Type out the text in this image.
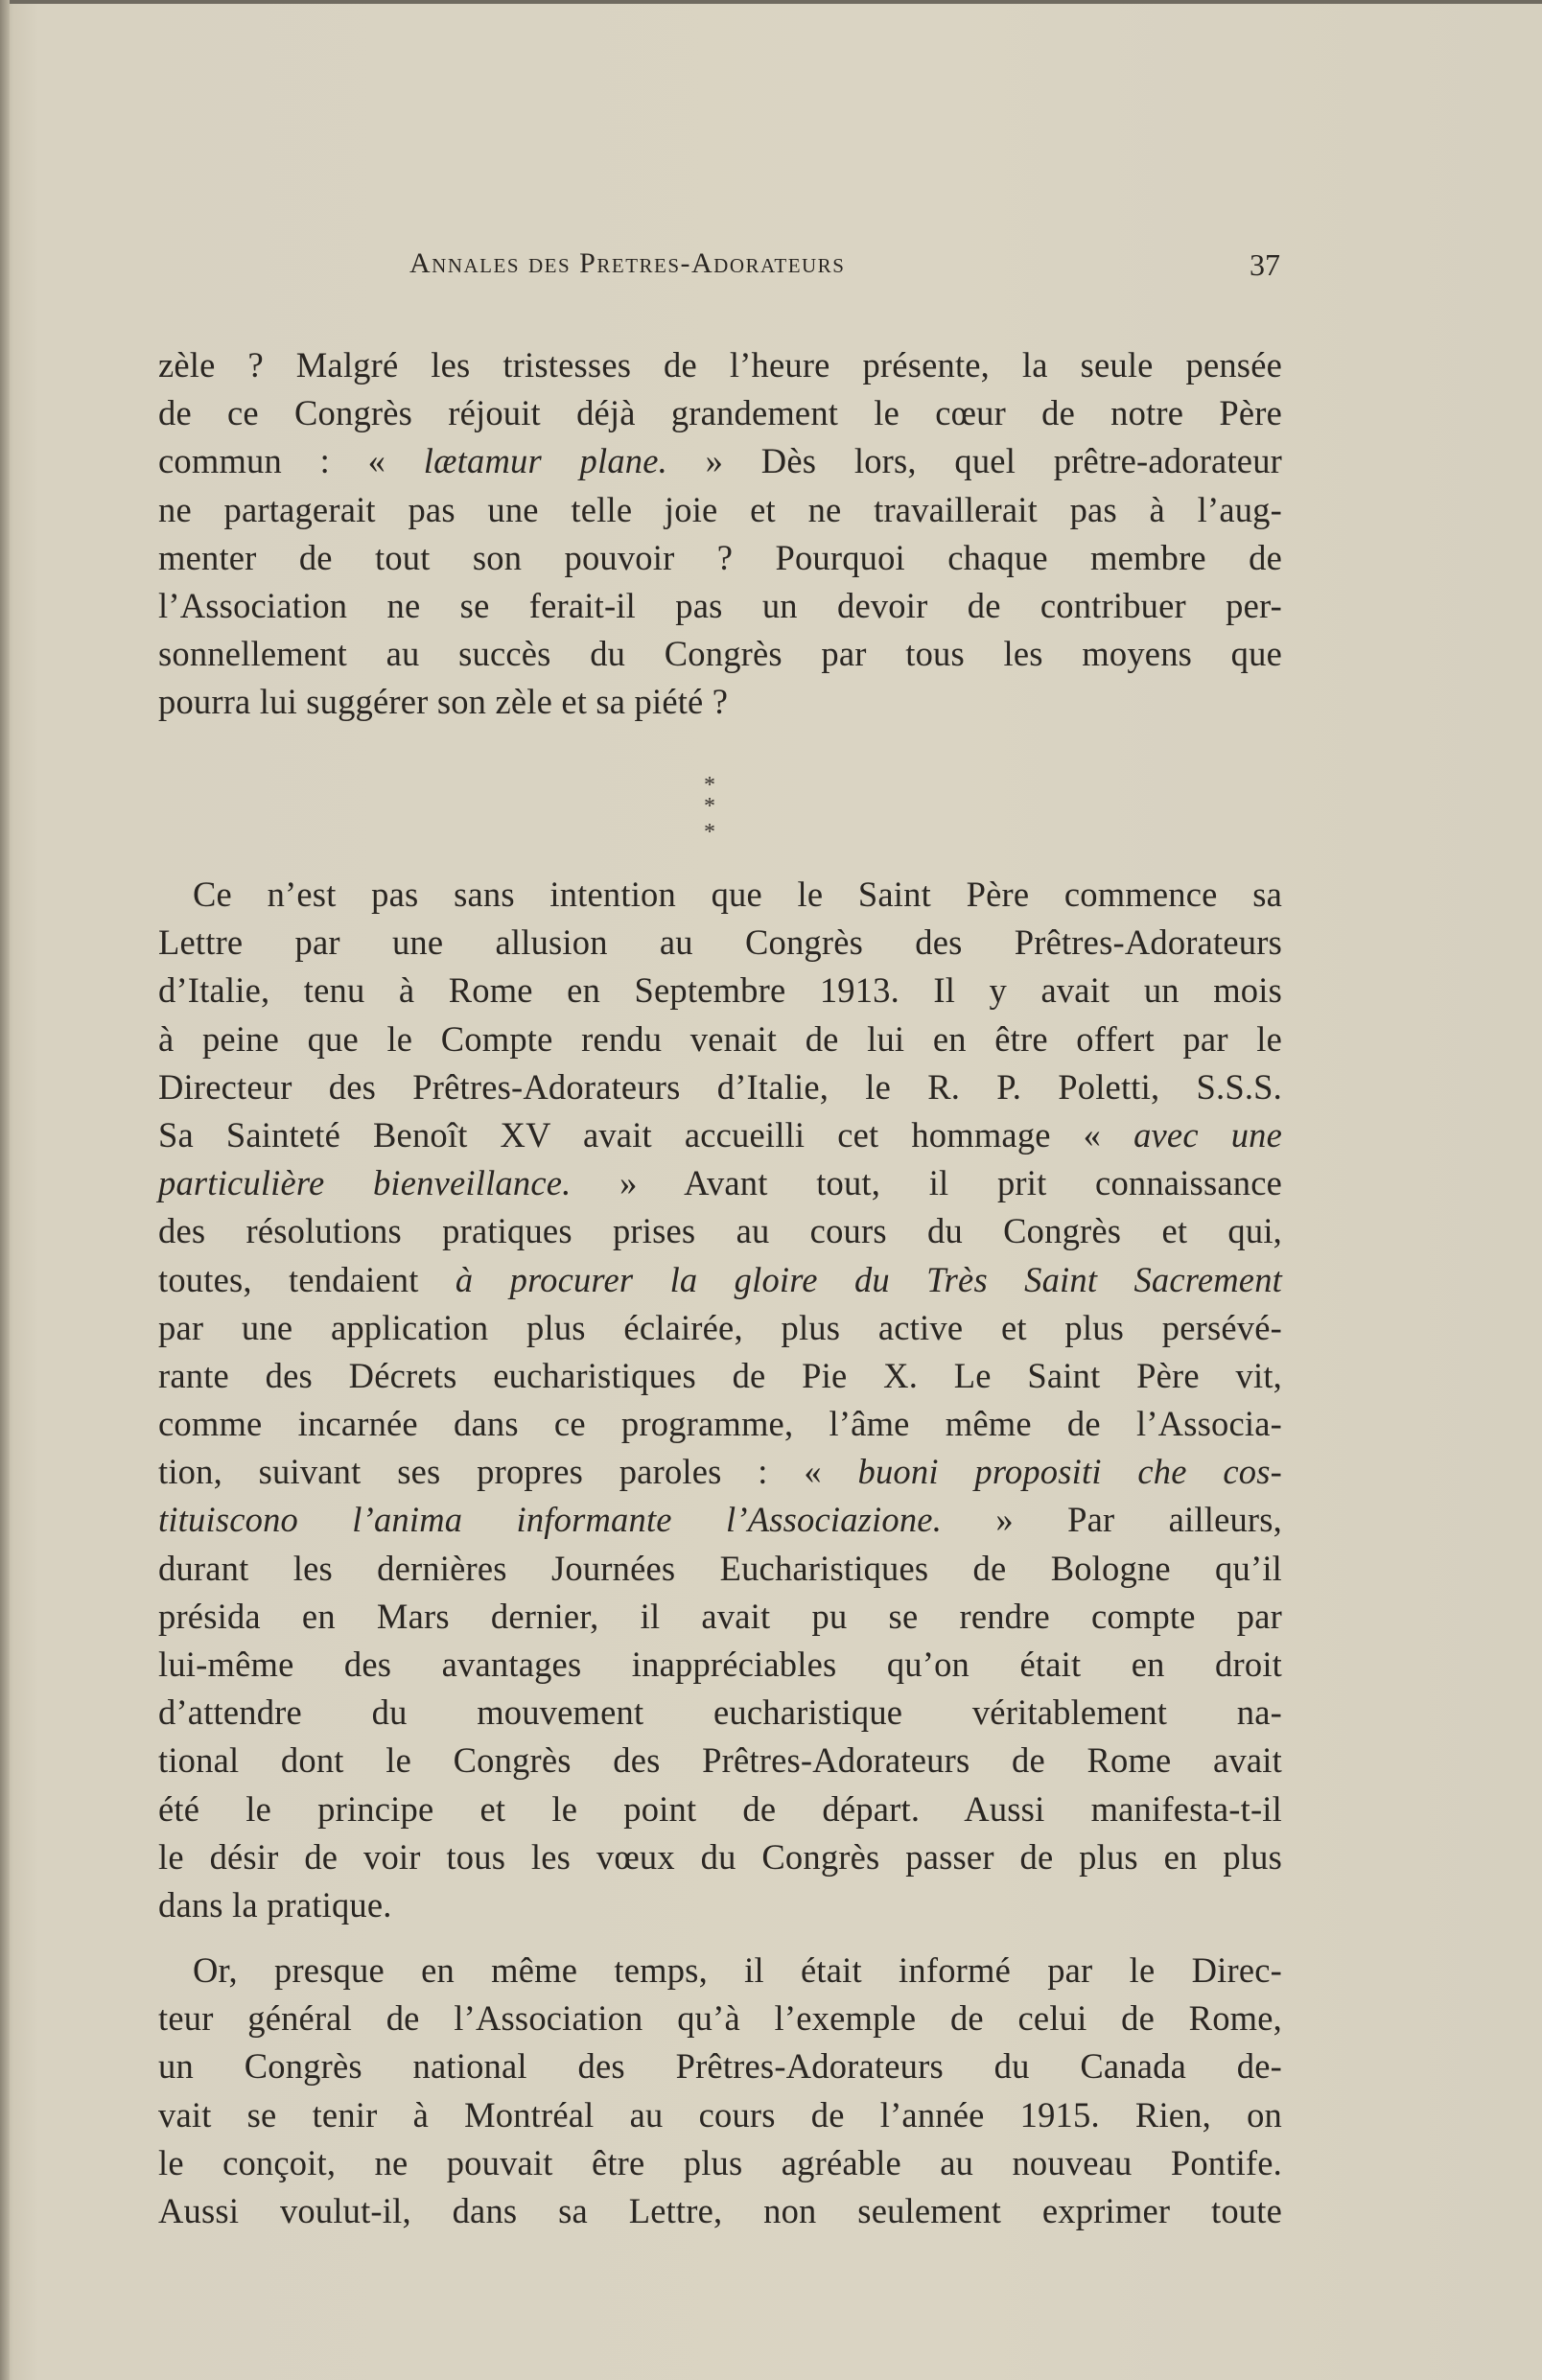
Annales des Pretres-Adorateurs	37
zèle ? Malgré les tristesses de l’heure présente, la seule pensée
de ce Congrès réjouit déjà grandement le cœur de notre Père
commun : « lætamur plane. » Dès lors, quel prêtre-adorateur
ne partagerait pas une telle joie et ne travaillerait pas à l’aug-
menter de tout son pouvoir ? Pourquoi chaque membre de
l’Association ne se ferait-il pas un devoir de contribuer per-
sonnellement au succès du Congrès par tous les moyens que
pourra lui suggérer son zèle et sa piété ?
*
* *
Ce n’est pas sans intention que le Saint Père commence sa
Lettre par une allusion au Congrès des Prêtres-Adorateurs
d’Italie, tenu à Rome en Septembre 1913. Il y avait un mois
à peine que le Compte rendu venait de lui en être offert par le
Directeur des Prêtres-Adorateurs d’Italie, le R. P. Poletti, S.S.S.
Sa Sainteté Benoît XV avait accueilli cet hommage « avec une
particulière bienveillance. » Avant tout, il prit connaissance
des résolutions pratiques prises au cours du Congrès et qui,
toutes, tendaient à procurer la gloire du Très Saint Sacrement
par une application plus éclairée, plus active et plus persévé-
rante des Décrets eucharistiques de Pie X. Le Saint Père vit,
comme incarnée dans ce programme, l’âme même de l’Associa-
tion, suivant ses propres paroles : « buoni propositi che cos-
tituiscono l’anima informante l’Associazione. » Par ailleurs,
durant les dernières Journées Eucharistiques de Bologne qu’il
présida en Mars dernier, il avait pu se rendre compte par
lui-même des avantages inappréciables qu’on était en droit
d’attendre du mouvement eucharistique véritablement na-
tional dont le Congrès des Prêtres-Adorateurs de Rome avait
été le principe et le point de départ. Aussi manifesta-t-il
le désir de voir tous les vœux du Congrès passer de plus en plus
dans la pratique.
Or, presque en même temps, il était informé par le Direc-
teur général de l’Association qu’à l’exemple de celui de Rome,
un Congrès national des Prêtres-Adorateurs du Canada de-
vait se tenir à Montréal au cours de l’année 1915. Rien, on
le conçoit, ne pouvait être plus agréable au nouveau Pontife.
Aussi voulut-il, dans sa Lettre, non seulement exprimer toute
